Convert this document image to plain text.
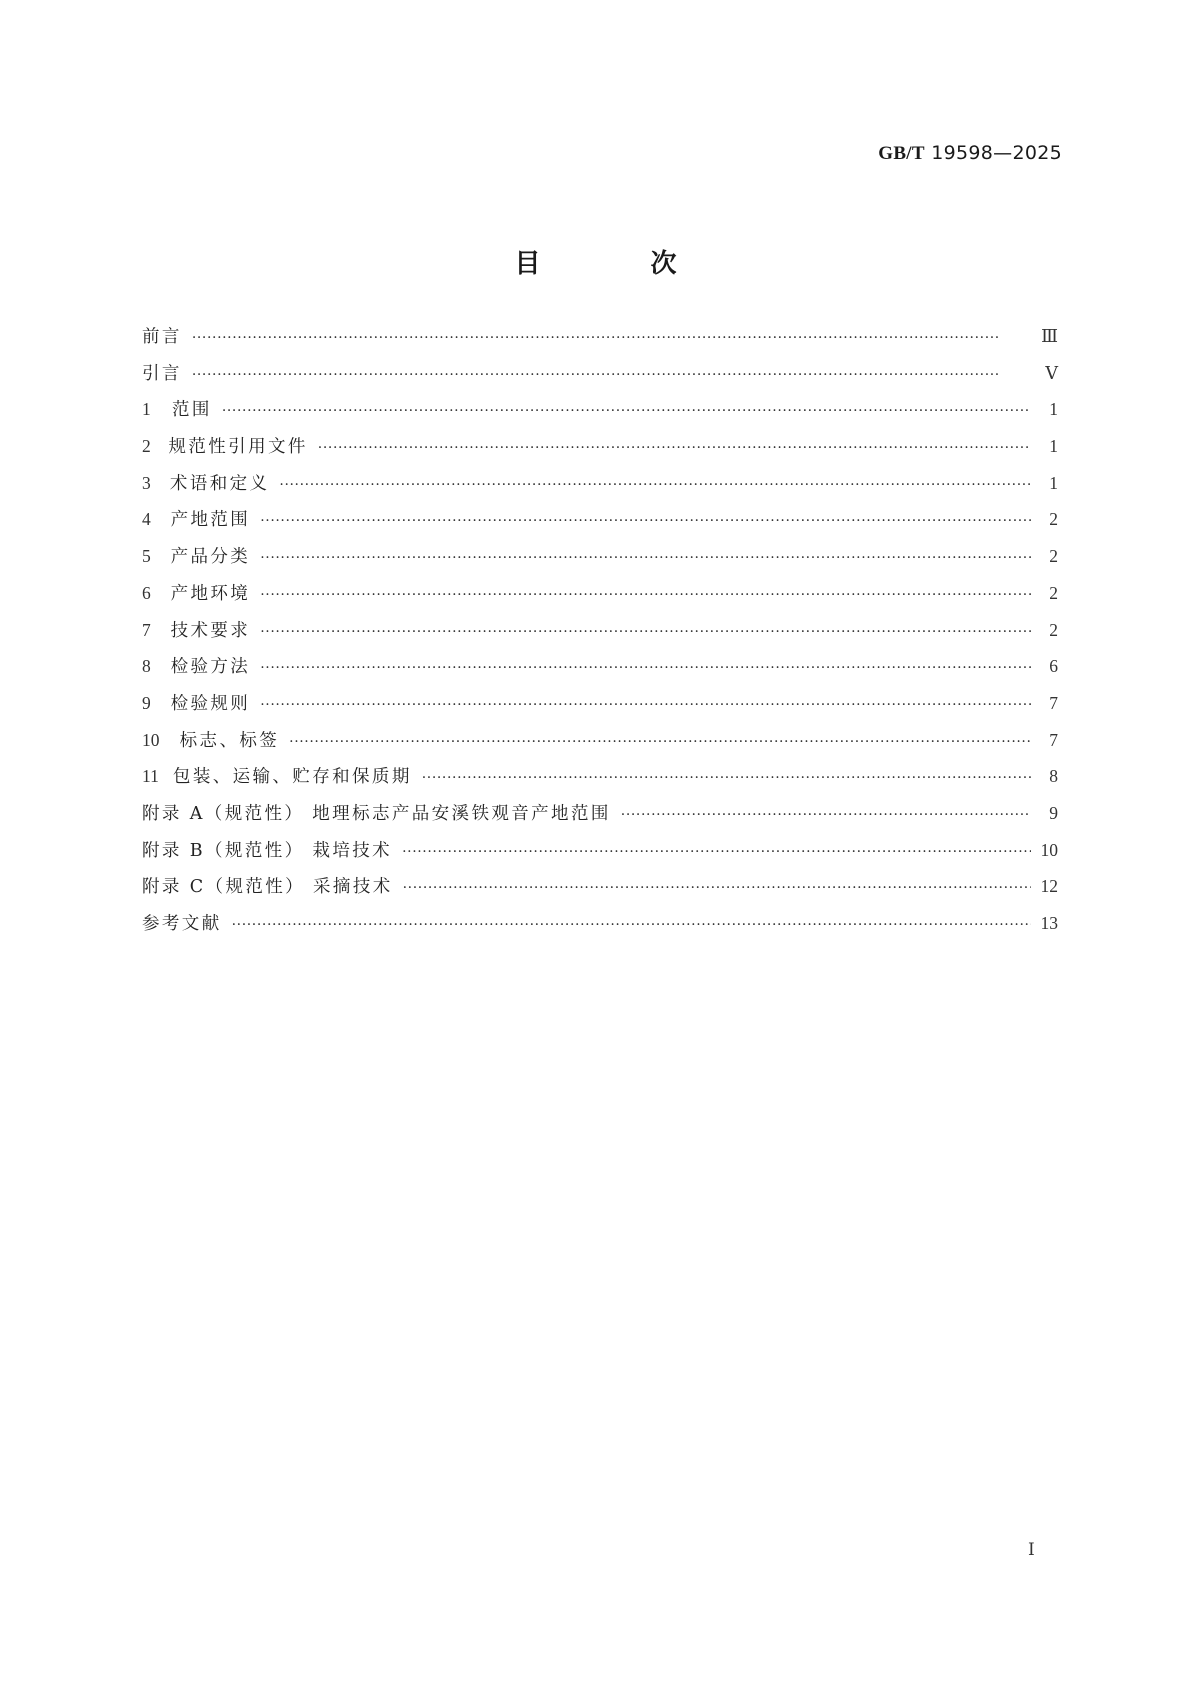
GB/T 19598—2025
目　次
前言 ·····	Ⅲ
引言 ·····	Ⅴ
1	范围 ·····	1
2	规范性引用文件 ·····	1
3	术语和定义 ·····	1
4	产地范围 ·····	2
5	产品分类 ·····	2
6	产地环境 ·····	2
7	技术要求 ·····	2
8	检验方法 ·····	6
9	检验规则 ·····	7
10	标志、标签 ·····	7
11 包装、运输、贮存和保质期 ·····	8
附录 A（规范性） 地理标志产品安溪铁观音产地范围 ·····	9
附录 B（规范性） 栽培技术 ·····	10
附录 C（规范性） 采摘技术 ·····	12
参考文献 ·····	13
Ⅰ
